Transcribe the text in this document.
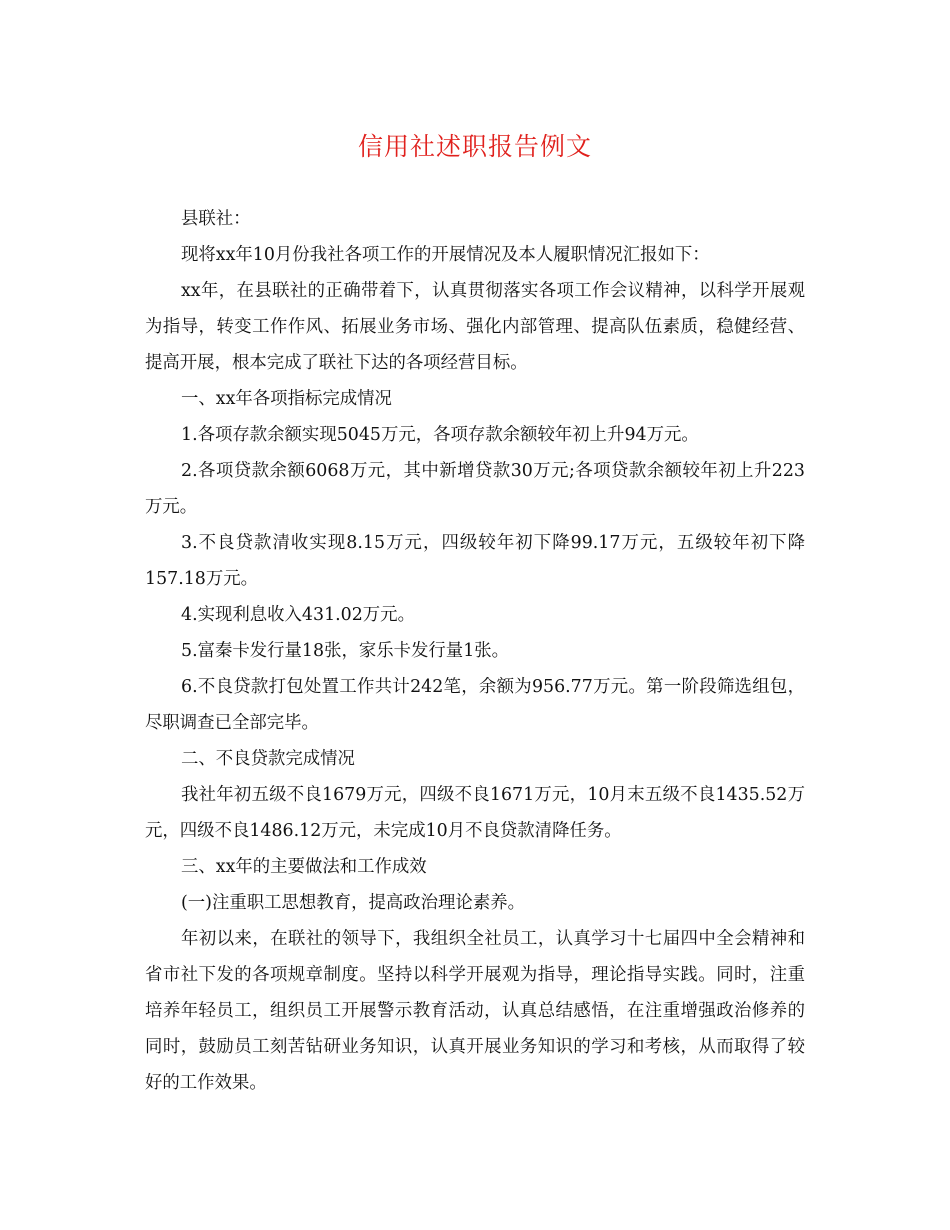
信用社述职报告例文

县联社：

现将xx年10月份我社各项工作的开展情况及本人履职情况汇报如下：

xx年，在县联社的正确带着下，认真贯彻落实各项工作会议精神，以科学开展观为指导，转变工作作风、拓展业务市场、强化内部管理、提高队伍素质，稳健经营、提高开展，根本完成了联社下达的各项经营目标。

一、xx年各项指标完成情况

1.各项存款余额实现5045万元，各项存款余额较年初上升94万元。

2.各项贷款余额6068万元，其中新增贷款30万元;各项贷款余额较年初上升223万元。

3.不良贷款清收实现8.15万元，四级较年初下降99.17万元，五级较年初下降157.18万元。

4.实现利息收入431.02万元。

5.富秦卡发行量18张，家乐卡发行量1张。

6.不良贷款打包处置工作共计242笔，余额为956.77万元。第一阶段筛选组包，尽职调查已全部完毕。

二、不良贷款完成情况

我社年初五级不良1679万元，四级不良1671万元，10月末五级不良1435.52万元，四级不良1486.12万元，未完成10月不良贷款清降任务。

三、xx年的主要做法和工作成效

(一)注重职工思想教育，提高政治理论素养。

年初以来，在联社的领导下，我组织全社员工，认真学习十七届四中全会精神和省市社下发的各项规章制度。坚持以科学开展观为指导，理论指导实践。同时，注重培养年轻员工，组织员工开展警示教育活动，认真总结感悟，在注重增强政治修养的同时，鼓励员工刻苦钻研业务知识，认真开展业务知识的学习和考核，从而取得了较好的工作效果。
